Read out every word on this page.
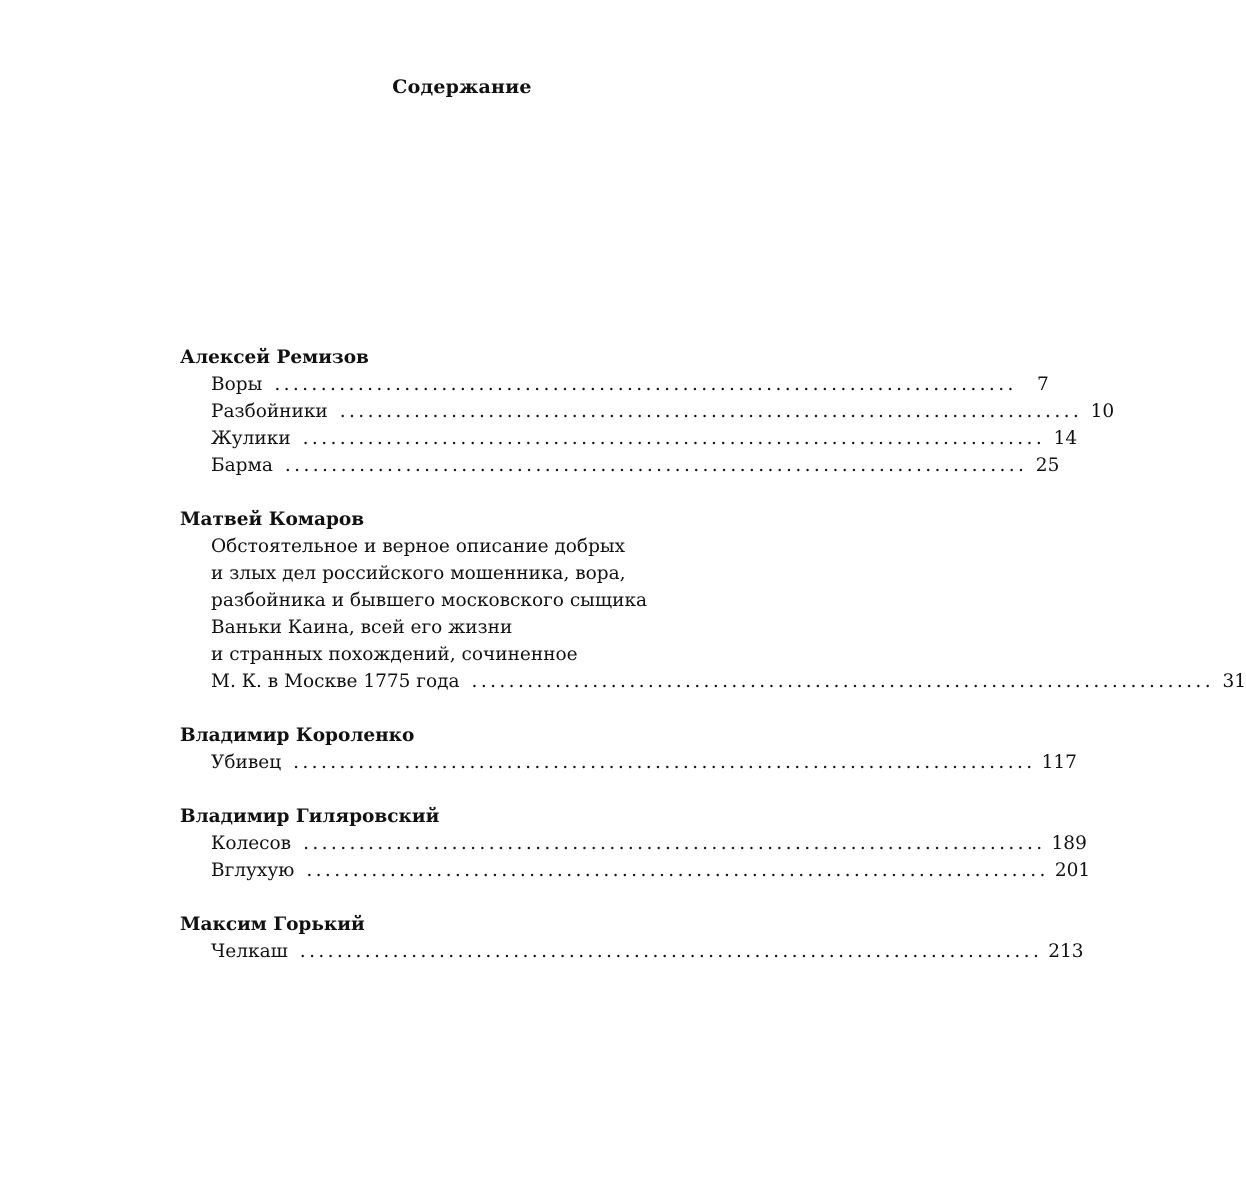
Содержание
Алексей Ремизов
Воры ................................................................................	7
Разбойники ................................................................................ 10
Жулики ................................................................................ 14
Барма ................................................................................ 25
Матвей Комаров
Обстоятельное и верное описание добрых
и злых дел российского мошенника, вора,
разбойника и бывшего московского сыщика
Ваньки Каина, всей его жизни
и странных похождений, сочиненное
М. К. в Москве 1775 года ................................................................................ 31
Владимир Короленко
Убивец ................................................................................ 117
Владимир Гиляровский
Колесов ................................................................................ 189
Вглухую ................................................................................ 201
Максим Горький
Челкаш ................................................................................ 213
